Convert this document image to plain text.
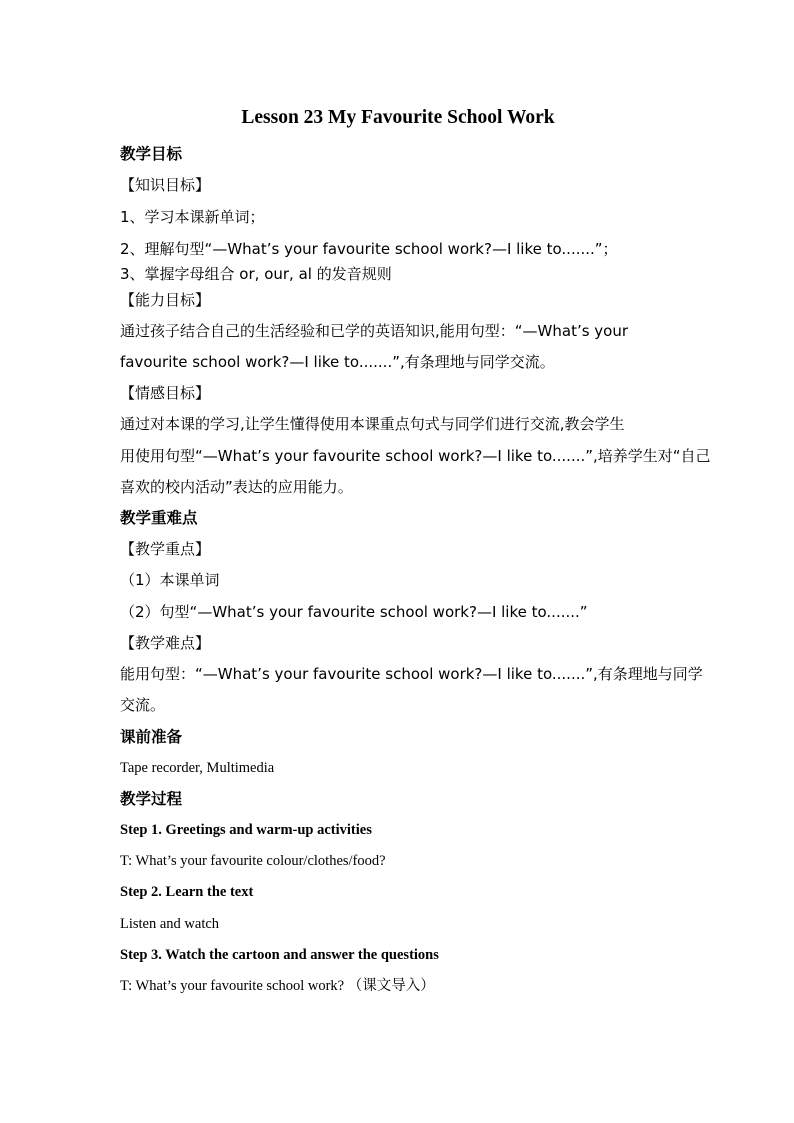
Lesson 23 My Favourite School Work
教学目标
【知识目标】
1、学习本课新单词；
2、理解句型“—What’s your favourite school work?—I like to.......”；
3、掌握字母组合 or, our, al 的发音规则
【能力目标】
通过孩子结合自己的生活经验和已学的英语知识,能用句型：“—What’s your
favourite school work?—I like to.......”,有条理地与同学交流。
【情感目标】
通过对本课的学习,让学生懂得使用本课重点句式与同学们进行交流,教会学生
用使用句型“—What’s your favourite school work?—I like to.......”,培养学生对“自己
喜欢的校内活动”表达的应用能力。
教学重难点
【教学重点】
（1）本课单词
（2）句型“—What’s your favourite school work?—I like to.......”
【教学难点】
能用句型：“—What’s your favourite school work?—I like to.......”,有条理地与同学
交流。
课前准备
Tape recorder, Multimedia
教学过程
Step 1. Greetings and warm-up activities
T: What’s your favourite colour/clothes/food?
Step 2. Learn the text
Listen and watch
Step 3. Watch the cartoon and answer the questions
T: What’s your favourite school work? （课文导入）
